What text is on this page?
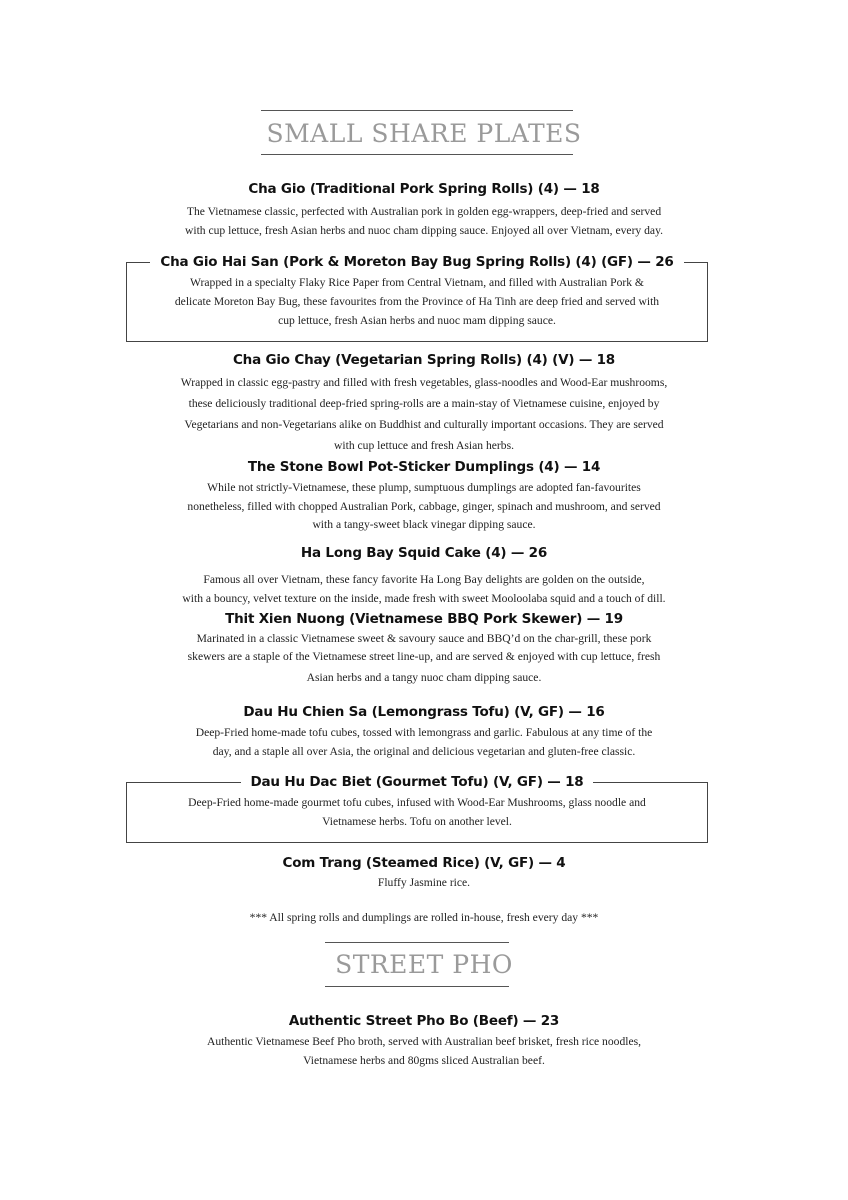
SMALL SHARE PLATES
Cha Gio (Traditional Pork Spring Rolls) (4) — 18
The Vietnamese classic, perfected with Australian pork in golden egg-wrappers, deep-fried and served
with cup lettuce, fresh Asian herbs and nuoc cham dipping sauce. Enjoyed all over Vietnam, every day.
Cha Gio Hai San (Pork & Moreton Bay Bug Spring Rolls) (4) (GF) — 26
Wrapped in a specialty Flaky Rice Paper from Central Vietnam, and filled with Australian Pork &
delicate Moreton Bay Bug, these favourites from the Province of Ha Tinh are deep fried and served with
cup lettuce, fresh Asian herbs and nuoc mam dipping sauce.
Cha Gio Chay (Vegetarian Spring Rolls) (4) (V) — 18
Wrapped in classic egg-pastry and filled with fresh vegetables, glass-noodles and Wood-Ear mushrooms,
these deliciously traditional deep-fried spring-rolls are a main-stay of Vietnamese cuisine, enjoyed by
Vegetarians and non-Vegetarians alike on Buddhist and culturally important occasions. They are served
with cup lettuce and fresh Asian herbs.
The Stone Bowl Pot-Sticker Dumplings (4) — 14
While not strictly-Vietnamese, these plump, sumptuous dumplings are adopted fan-favourites
nonetheless, filled with chopped Australian Pork, cabbage, ginger, spinach and mushroom, and served
with a tangy-sweet black vinegar dipping sauce.
Ha Long Bay Squid Cake (4) — 26
Famous all over Vietnam, these fancy favorite Ha Long Bay delights are golden on the outside,
with a bouncy, velvet texture on the inside, made fresh with sweet Mooloolaba squid and a touch of dill.
Thit Xien Nuong (Vietnamese BBQ Pork Skewer) — 19
Marinated in a classic Vietnamese sweet & savoury sauce and BBQ’d on the char-grill, these pork
skewers are a staple of the Vietnamese street line-up, and are served & enjoyed with cup lettuce, fresh
Asian herbs and a tangy nuoc cham dipping sauce.
Dau Hu Chien Sa (Lemongrass Tofu) (V, GF) — 16
Deep-Fried home-made tofu cubes, tossed with lemongrass and garlic. Fabulous at any time of the
day, and a staple all over Asia, the original and delicious vegetarian and gluten-free classic.
Dau Hu Dac Biet (Gourmet Tofu) (V, GF) — 18
Deep-Fried home-made gourmet tofu cubes, infused with Wood-Ear Mushrooms, glass noodle and
Vietnamese herbs. Tofu on another level.
Com Trang (Steamed Rice) (V, GF) — 4
Fluffy Jasmine rice.
*** All spring rolls and dumplings are rolled in-house, fresh every day ***
STREET PHO
Authentic Street Pho Bo (Beef) — 23
Authentic Vietnamese Beef Pho broth, served with Australian beef brisket, fresh rice noodles,
Vietnamese herbs and 80gms sliced Australian beef.
